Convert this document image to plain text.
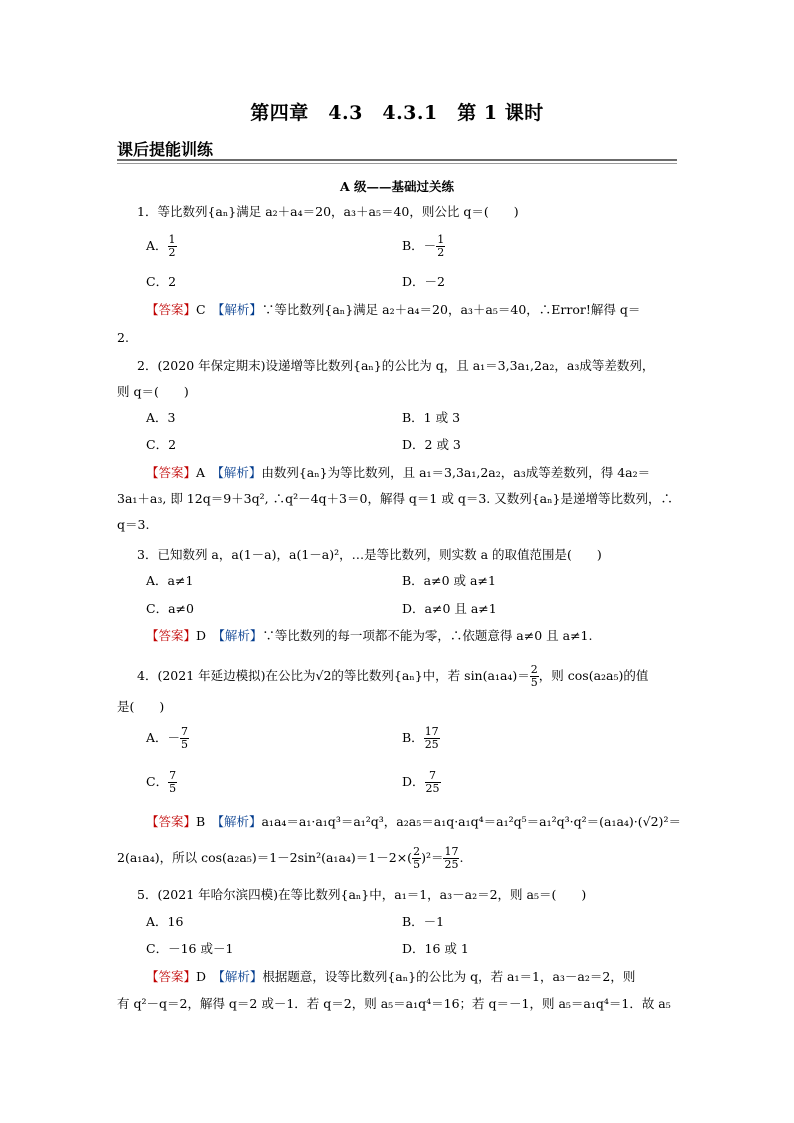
第四章　4.3　4.3.1　第 1 课时
课后提能训练
A 级——基础过关练
1．等比数列{aₙ}满足 a₂＋a₄＝20，a₃＋a₅＝40，则公比 q＝(　　)
A． $\frac{1}{2}$	B．－ $\frac{1}{2}$
C．2	D．－2
【答案】C　 【解析】∵等比数列{aₙ}满足 a₂＋a₄＝20，a₃＋a₅＝40，∴Error!解得 q＝
2.
2．(2020 年保定期末)设递增等比数列{aₙ}的公比为 q，且 a₁＝3,3a₁,2a₂，a₃成等差数列，
则 q＝(　　)
A．3	B．1 或 3
C．2	D．2 或 3
【答案】A　 【解析】由数列{aₙ}为等比数列，且 a₁＝3,3a₁,2a₂，a₃成等差数列，得 4a₂＝
3a₁＋a₃, 即 12q＝9＋3q², ∴q²－4q＋3＝0，解得 q＝1 或 q＝3. 又数列{aₙ}是递增等比数列，∴
q＝3.
3．已知数列 a，a(1－a)，a(1－a)²，…是等比数列，则实数 a 的取值范围是(　　)
A．a≠1	B．a≠0 或 a≠1
C．a≠0	D．a≠0 且 a≠1
【答案】D　 【解析】∵等比数列的每一项都不能为零，∴依题意得 a≠0 且 a≠1.
4．(2021 年延边模拟)在公比为√2的等比数列{aₙ}中，若 $\sin(a_1a_4)= \frac{2}{5}$ ，则 cos(a₂a₅)的值
是(　　)
A．－ $\frac{7}{5}$	B． $\frac{17}{25}$
C． $\frac{7}{5}$	D． $\frac{7}{25}$
【答案】B　 【解析】a₁a₄＝a₁·a₁q³＝a₁²q³，a₂a₅＝a₁q·a₁q⁴＝a₁²q⁵＝a₁²q³·q²＝(a₁a₄)·(√2)²＝
2(a₁a₄)，所以 $\cos(a_2a_5)=1-2\sin^2(a_1a_4)=1-2\times( \frac{2}{5} )^2= \frac{17}{25}$ .
5．(2021 年哈尔滨四模)在等比数列{aₙ}中，a₁＝1，a₃－a₂＝2，则 a₅＝(　　)
A．16	B．－1
C．－16 或－1	D．16 或 1
【答案】D　 【解析】根据题意，设等比数列{aₙ}的公比为 q，若 a₁＝1，a₃－a₂＝2，则
有 q²－q＝2，解得 q＝2 或－1．若 q＝2，则 a₅＝a₁q⁴＝16；若 q＝－1，则 a₅＝a₁q⁴＝1．故 a₅
